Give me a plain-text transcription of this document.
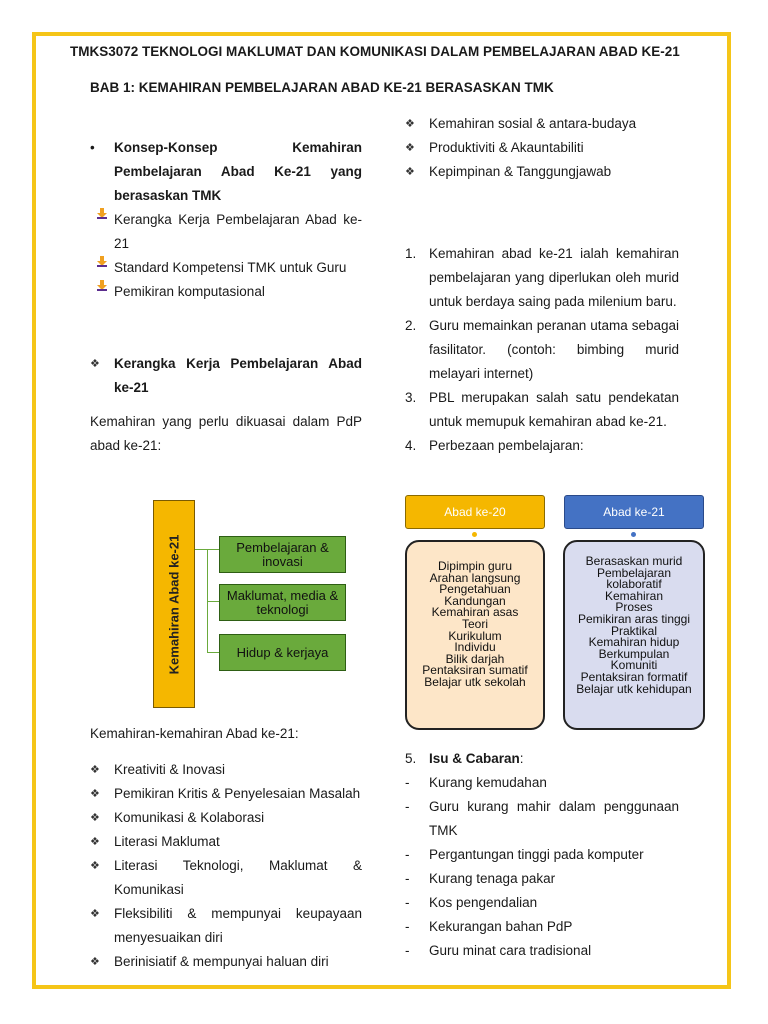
TMKS3072 TEKNOLOGI MAKLUMAT DAN KOMUNIKASI DALAM PEMBELAJARAN ABAD KE-21
BAB 1: KEMAHIRAN PEMBELAJARAN ABAD KE-21 BERASASKAN TMK
•	Konsep-Konsep Kemahiran Pembelajaran Abad Ke-21 yang berasaskan TMK
Kerangka Kerja Pembelajaran Abad ke-21
Standard Kompetensi TMK untuk Guru
Pemikiran komputasional
❖	Kerangka Kerja Pembelajaran Abad ke-21
Kemahiran yang perlu dikuasai dalam PdP abad ke-21:
Kemahiran Abad ke-21	Pembelajaran & inovasi
Maklumat, media & teknologi
Hidup & kerjaya
Kemahiran-kemahiran Abad ke-21:
❖	Kreativiti & Inovasi
❖	Pemikiran Kritis & Penyelesaian Masalah
❖	Komunikasi & Kolaborasi
❖	Literasi Maklumat
❖	Literasi Teknologi, Maklumat & Komunikasi
❖	Fleksibiliti & mempunyai keupayaan menyesuaikan diri
❖	Berinisiatif & mempunyai haluan diri
❖	Kemahiran sosial & antara-budaya
❖	Produktiviti & Akauntabiliti
❖	Kepimpinan & Tanggungjawab
1. Kemahiran abad ke-21 ialah kemahiran pembelajaran yang diperlukan oleh murid untuk berdaya saing pada milenium baru.
2. Guru memainkan peranan utama sebagai fasilitator. (contoh: bimbing murid melayari internet)
3. PBL merupakan salah satu pendekatan untuk memupuk kemahiran abad ke-21.
4. Perbezaan pembelajaran:
Abad ke-20	Abad ke-21
Dipimpin guru
Arahan langsung
Pengetahuan
Kandungan
Kemahiran asas
Teori
Kurikulum
Individu
Bilik darjah
Pentaksiran sumatif
Belajar utk sekolah
Berasaskan murid
Pembelajaran
kolaboratif
Kemahiran
Proses
Pemikiran aras tinggi
Praktikal
Kemahiran hidup
Berkumpulan
Komuniti
Pentaksiran formatif
Belajar utk kehidupan
5. Isu & Cabaran:
-	Kurang kemudahan
-	Guru kurang mahir dalam penggunaan TMK
-	Pergantungan tinggi pada komputer
-	Kurang tenaga pakar
-	Kos pengendalian
-	Kekurangan bahan PdP
-	Guru minat cara tradisional
